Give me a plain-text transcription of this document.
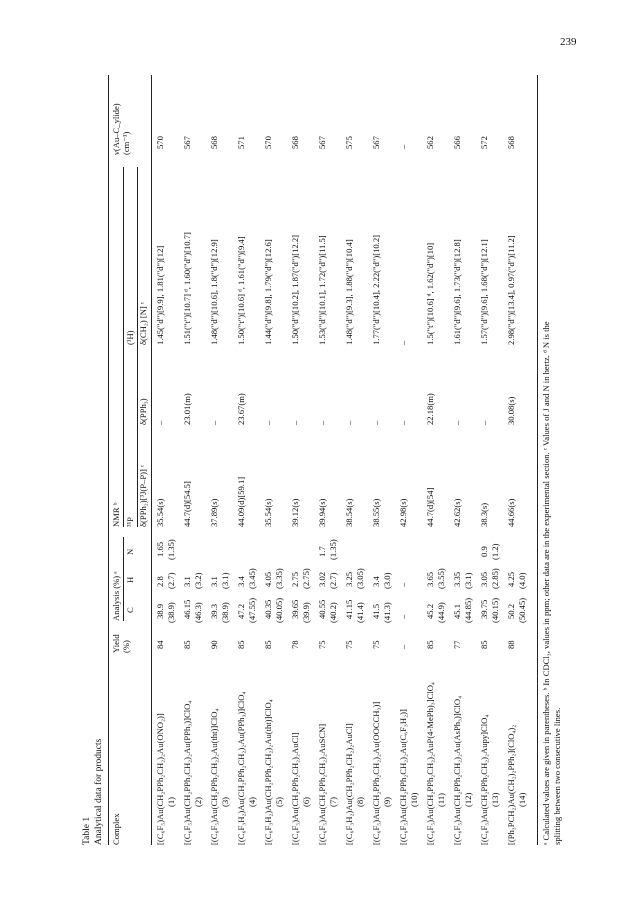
239
Table 1 Analytical data for products Complex
Yield (%)
Analysis (%) ᵃ C
H
N
NMR ᵇ ³¹P
(¹H)
δ(PPh₂)[³J(P–P)] ᶜ
δ(PPh₃)
δ(CH₂) [N] ᶜ
ν(Au–C_ylide) (cm⁻¹)
[(C₆F₅)Au(CH₂PPh₂CH₂)₂Au(ONO₂)]
84
38.9
2.8
1.65
35.54(s)
–
1.45("d")[9.9], 1.81("d")[12]
570
(1)
(38.9)
(2.7)
(1.35)
[(C₆F₅)Au(CH₂PPh₂CH₂)₂Au(PPh₃)]ClO₄
85
46.15
3.1
44.7(d)[54.5]
23.01(m)
1.51("t")[10.7] ᵈ, 1.60("d")[10.7]
567
(2)
(46.3)
(3.2)
[(C₆F₅)Au(CH₂PPh₂CH₂)₂Au(tht)]ClO₄
90
39.3
3.1
37.89(s)
–
1.48("d")[10.6], 1.8("d")[12.9]
568
(3)
(38.9)
(3.1)
[(C₆F₃H₂)Au(CH₂PPh₂CH₂)₂Au(PPh₃)]ClO₄
85
47.2
3.4
44.09(d)[59.1]
23.67(m)
1.50("t")[10.6] ᵈ, 1.61("d")[9.4]
571
(4)
(47.55)
(3.45)
[(C₆F₃H₂)Au(CH₂PPh₂CH₂)₂Au(tht)]ClO₄
85
40.35
4.05
35.54(s)
–
1.44("d")[9.8], 1.79("d")[12.6]
570
(5)
(40.05)
(3.35)
[(C₆F₅)Au(CH₂PPh₂CH₂)₂AuCl]
78
39.65
2.75
39.12(s)
–
1.50("d")[10.2], 1.87("d")[12.2]
568
(6)
(39.9)
(2.75)
[(C₆F₅)Au(CH₂PPh₂CH₂)₂AuSCN]
75
40.55
3.02
1.7
39.94(s)
–
1.53("d")[10.1], 1.72("d")[11.5]
567
(7)
(40.2)
(2.7)
(1.35)
[(C₆F₃H₂)Au(CH₂PPh₂CH₂)₂AuCl]
75
41.15
3.25
38.54(s)
–
1.48("d")[9.3], 1.88("d")[10.4]
575
(8)
(41.4)
(3.05)
[(C₆F₅)Au(CH₂PPh₂CH₂)₂Au(OOCCH₃)]
75
41.5
3.4
38.55(s)
–
1.77("d")[10.4], 2.22("d")[10.2]
567
(9)
(41.3)
(3.0)
[(C₆F₅)Au(CH₂PPh₂CH₂)₂Au(C₆F₃H₂)]
–
–
–
42.98(s)
–
–
–
(10) [(C₆F₅)Au(CH₂PPh₂CH₂)₂AuP(4-MePh)₃]ClO₄
85
45.2
3.65
44.7(d)[54]
22.18(m)
1.5("t")[10.6] ᵈ, 1.62("d")[10]
562
(11)
(44.9)
(3.55)
[(C₆F₅)Au(CH₂PPh₂CH₂)₂Au(AsPh₃)]ClO₄
77
45.1
3.35
42.62(s)
–
1.61("d")[9.6], 1.73("d")[12.8]
566
(12)
(44.85)
(3.1)
[(C₆F₅)Au(CH₂PPh₂CH₂)₂Aupy]ClO₄
85
39.75
3.05
0.9
38.3(s)
–
1.57("d")[9.6], 1.68("d")[12.1]
572
(13)
(40.15)
(2.85)
(1.2)
[(Ph₃PCH₂)Au(CH₂)₂PPh₂](ClO₄)₂
88
50.2
4.25
44.66(s)
30.08(s)
2.98("d")[13.4], 0.97("d")[11.2]
568
(14)
(50.45)
(4.0) ᵃ Calculated values are given in parentheses. ᵇ In CDCl₃, values in ppm; other data are in the experimental section. ᶜ Values of J and N in hertz. ᵈ N is the splitting between two consecutive lines.
